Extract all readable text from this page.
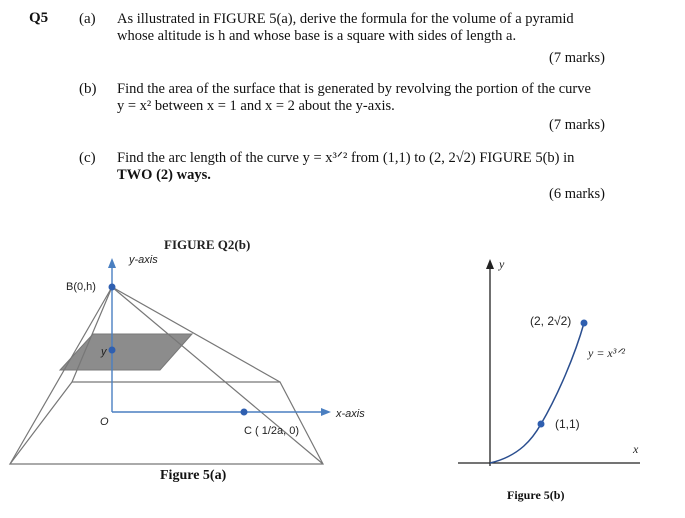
Q5 (a) As illustrated in FIGURE 5(a), derive the formula for the volume of a pyramid
whose altitude is h and whose base is a square with sides of length a.
(7 marks)
(b) Find the area of the surface that is generated by revolving the portion of the curve
y = x² between x = 1 and x = 2 about the y-axis.
(7 marks)
(c) Find the arc length of the curve y = x³ᐟ² from (1,1) to (2, 2√2) FIGURE 5(b) in
TWO (2) ways.
(6 marks)
FIGURE Q2(b)
y-axis
x-axis
B(0,h)
y
O
C ( 1/2a, 0)
Figure 5(a)
y
x
(2, 2√2)
(1,1)
y = x³ᐟ²
Figure 5(b)
